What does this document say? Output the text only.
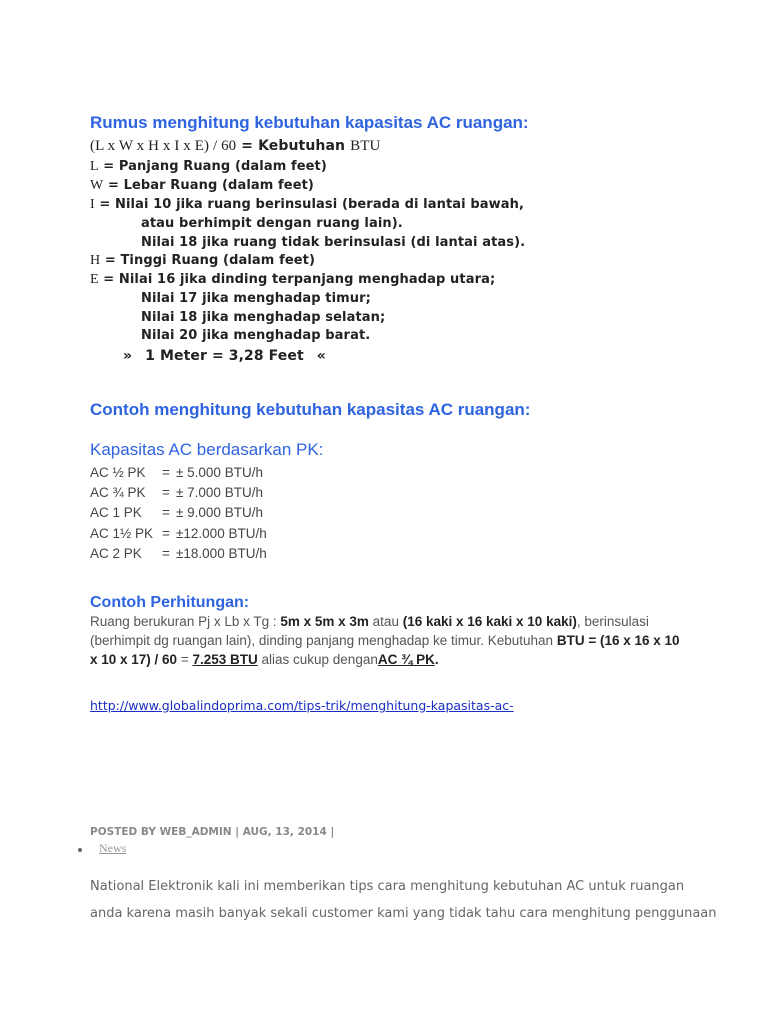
Rumus menghitung kebutuhan kapasitas AC ruangan:
(L x W x H x I x E) / 60 = Kebutuhan BTU
L = Panjang Ruang (dalam feet)
W = Lebar Ruang (dalam feet)
I = Nilai 10 jika ruang berinsulasi (berada di lantai bawah,
atau berhimpit dengan ruang lain).
Nilai 18 jika ruang tidak berinsulasi (di lantai atas).
H = Tinggi Ruang (dalam feet)
E = Nilai 16 jika dinding terpanjang menghadap utara;
Nilai 17 jika menghadap timur;
Nilai 18 jika menghadap selatan;
Nilai 20 jika menghadap barat.
» 1 Meter = 3,28 Feet «
Contoh menghitung kebutuhan kapasitas AC ruangan:
Kapasitas AC berdasarkan PK:
AC ½ PK = ± 5.000 BTU/h
AC ¾ PK = ± 7.000 BTU/h
AC 1 PK = ± 9.000 BTU/h
AC 1½ PK = ±12.000 BTU/h
AC 2 PK = ±18.000 BTU/h
Contoh Perhitungan:
Ruang berukuran Pj x Lb x Tg : 5m x 5m x 3m atau (16 kaki x 16 kaki x 10 kaki), berinsulasi (berhimpit dg ruangan lain), dinding panjang menghadap ke timur. Kebutuhan BTU = (16 x 16 x 10 x 10 x 17) / 60 = 7.253 BTU alias cukup denganAC ¾ PK.
http://www.globalindoprima.com/tips-trik/menghitung-kapasitas-ac-
POSTED BY WEB_ADMIN | AUG, 13, 2014 |
News
National Elektronik kali ini memberikan tips cara menghitung kebutuhan AC untuk ruangan
anda karena masih banyak sekali customer kami yang tidak tahu cara menghitung penggunaan
